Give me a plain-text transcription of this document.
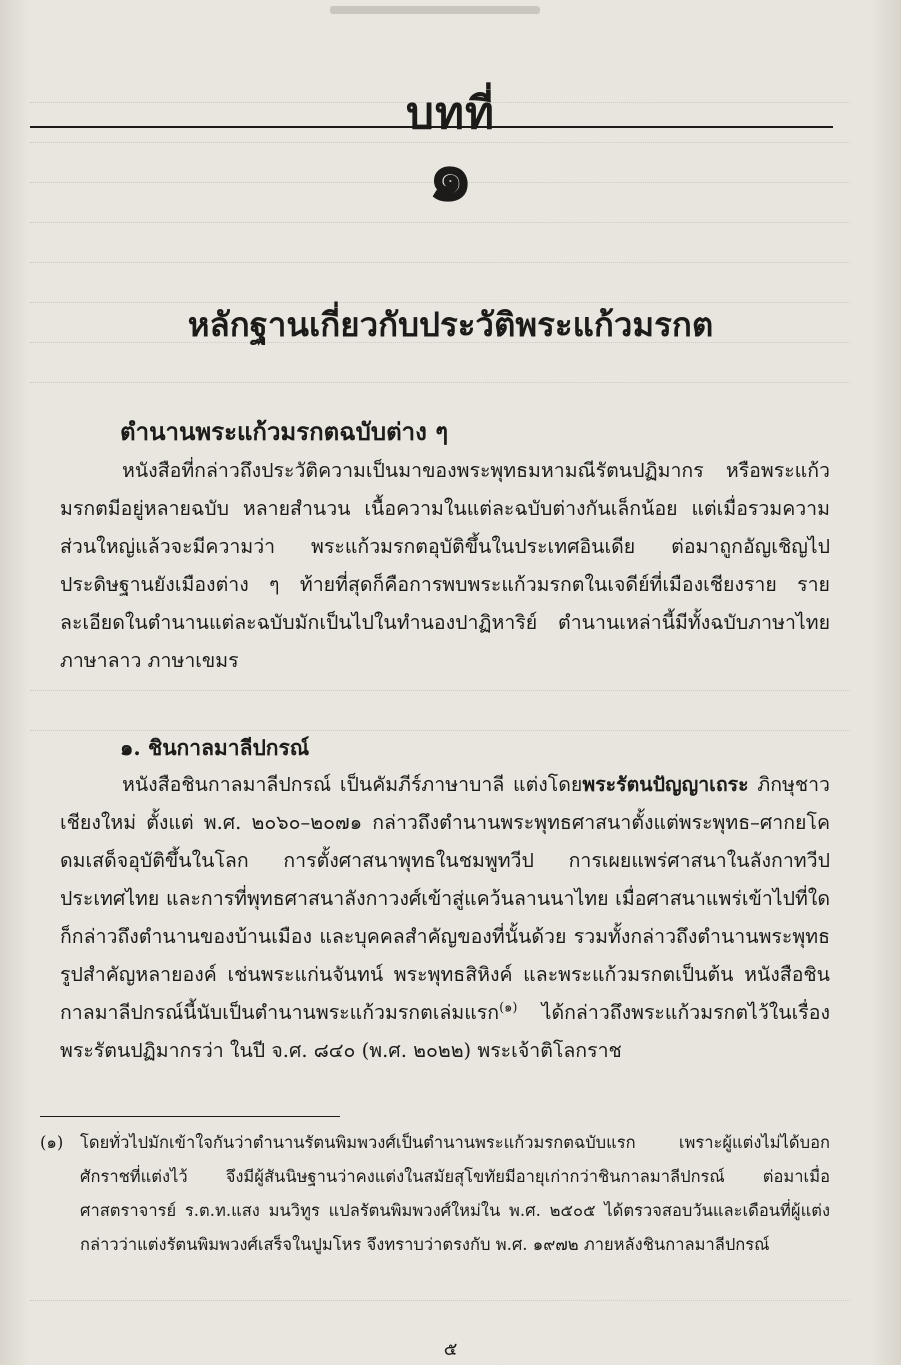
บทที่
๑
หลักฐานเกี่ยวกับประวัติพระแก้วมรกต
ตำนานพระแก้วมรกตฉบับต่าง ๆ
หนังสือที่กล่าวถึงประวัติความเป็นมาของพระพุทธมหามณีรัตนปฏิมากร หรือพระแก้วมรกตมีอยู่หลายฉบับ หลายสำนวน เนื้อความในแต่ละฉบับต่างกันเล็กน้อย แต่เมื่อรวมความส่วนใหญ่แล้วจะมีความว่า พระแก้วมรกตอุบัติขึ้นในประเทศอินเดีย ต่อมาถูกอัญเชิญไปประดิษฐานยังเมืองต่าง ๆ ท้ายที่สุดก็คือการพบพระแก้วมรกตในเจดีย์ที่เมืองเชียงราย รายละเอียดในตำนานแต่ละฉบับมักเป็นไปในทำนองปาฏิหาริย์ ตำนานเหล่านี้มีทั้งฉบับภาษาไทย ภาษาลาว ภาษาเขมร
๑. ชินกาลมาลีปกรณ์
หนังสือชินกาลมาลีปกรณ์ เป็นคัมภีร์ภาษาบาลี แต่งโดยพระรัตนปัญญาเถระ ภิกษุชาวเชียงใหม่ ตั้งแต่ พ.ศ. ๒๐๖๐–๒๐๗๑ กล่าวถึงตำนานพระพุทธศาสนาตั้งแต่พระพุทธ–ศากยโคดมเสด็จอุบัติขึ้นในโลก การตั้งศาสนาพุทธในชมพูทวีป การเผยแพร่ศาสนาในลังกาทวีป ประเทศไทย และการที่พุทธศาสนาลังกาวงศ์เข้าสู่แคว้นลานนาไทย เมื่อศาสนาแพร่เข้าไปที่ใดก็กล่าวถึงตำนานของบ้านเมือง และบุคคลสำคัญของที่นั้นด้วย รวมทั้งกล่าวถึงตำนานพระพุทธรูปสำคัญหลายองค์ เช่นพระแก่นจันทน์ พระพุทธสิหิงค์ และพระแก้วมรกตเป็นต้น หนังสือชินกาลมาลีปกรณ์นี้นับเป็นตำนานพระแก้วมรกตเล่มแรก$^{(๑)}$ ได้กล่าวถึงพระแก้วมรกตไว้ในเรื่องพระรัตนปฏิมากรว่า ในปี จ.ศ. ๘๔๐ (พ.ศ. ๒๐๒๒) พระเจ้าติโลกราช
(๑) โดยทั่วไปมักเข้าใจกันว่าตำนานรัตนพิมพวงศ์เป็นตำนานพระแก้วมรกตฉบับแรก เพราะผู้แต่งไม่ได้บอกศักราชที่แต่งไว้ จึงมีผู้สันนิษฐานว่าคงแต่งในสมัยสุโขทัยมีอายุเก่ากว่าชินกาลมาลีปกรณ์ ต่อมาเมื่อศาสตราจารย์ ร.ต.ท.แสง มนวิทูร แปลรัตนพิมพวงศ์ใหม่ใน พ.ศ. ๒๕๐๕ ได้ตรวจสอบวันและเดือนที่ผู้แต่งกล่าวว่าแต่งรัตนพิมพวงศ์เสร็จในปูมโหร จึงทราบว่าตรงกับ พ.ศ. ๑๙๗๒ ภายหลังชินกาลมาลีปกรณ์
๕
